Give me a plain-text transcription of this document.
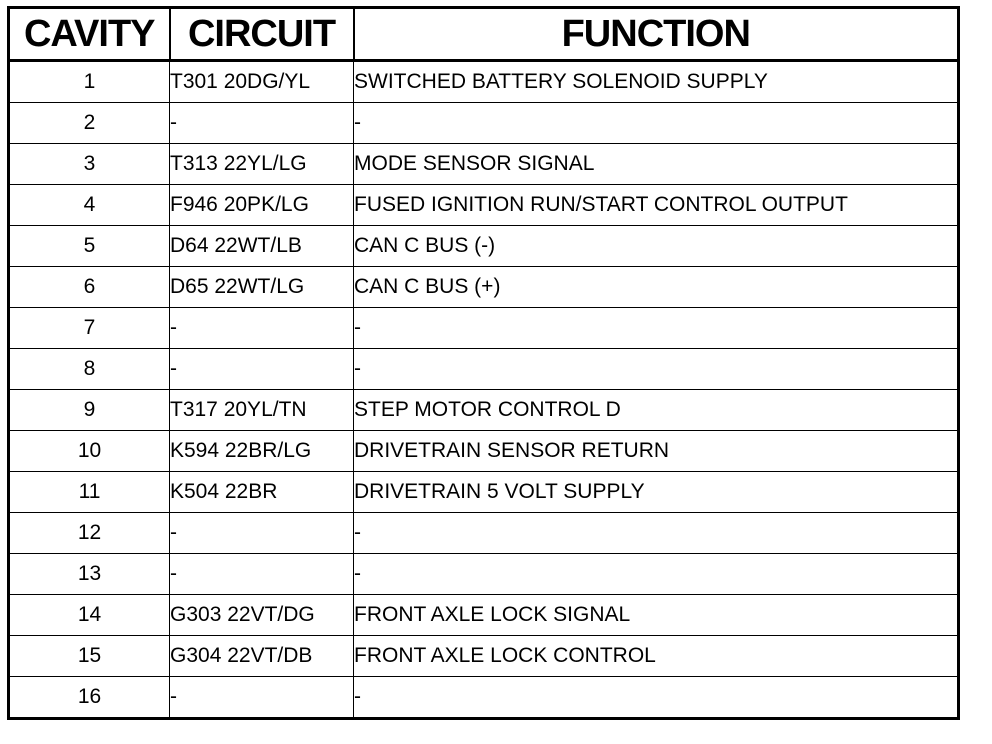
CAVITY	CIRCUIT	FUNCTION
1	T301 20DG/YL	SWITCHED BATTERY SOLENOID SUPPLY
2	-	-
3	T313 22YL/LG	MODE SENSOR SIGNAL
4	F946 20PK/LG	FUSED IGNITION RUN/START CONTROL OUTPUT
5	D64 22WT/LB	CAN C BUS (-)
6	D65 22WT/LG	CAN C BUS (+)
7	-	-
8	-	-
9	T317 20YL/TN	STEP MOTOR CONTROL D
10	K594 22BR/LG	DRIVETRAIN SENSOR RETURN
11	K504 22BR	DRIVETRAIN 5 VOLT SUPPLY
12	-	-
13	-	-
14	G303 22VT/DG	FRONT AXLE LOCK SIGNAL
15	G304 22VT/DB	FRONT AXLE LOCK CONTROL
16	-	-
